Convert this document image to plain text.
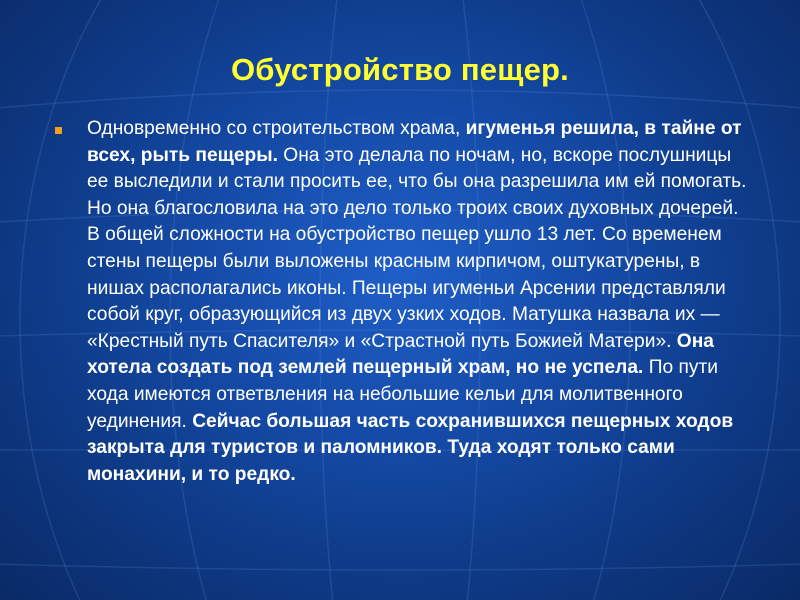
Обустройство пещер.

Одновременно со строительством храма, игуменья решила, в тайне от всех, рыть пещеры. Она это делала по ночам, но, вскоре послушницы ее выследили и стали просить ее, что бы она разрешила им ей помогать. Но она благословила на это дело только троих своих духовных дочерей. В общей сложности на обустройство пещер ушло 13 лет. Со временем стены пещеры были выложены красным кирпичом, оштукатурены, в нишах располагались иконы. Пещеры игуменьи Арсении представляли собой круг, образующийся из двух узких ходов. Матушка назвала их — «Крестный путь Спасителя» и «Страстной путь Божией Матери». Она хотела создать под землей пещерный храм, но не успела. По пути хода имеются ответвления на небольшие кельи для молитвенного уединения. Сейчас большая часть сохранившихся пещерных ходов закрыта для туристов и паломников. Туда ходят только сами монахини, и то редко.
